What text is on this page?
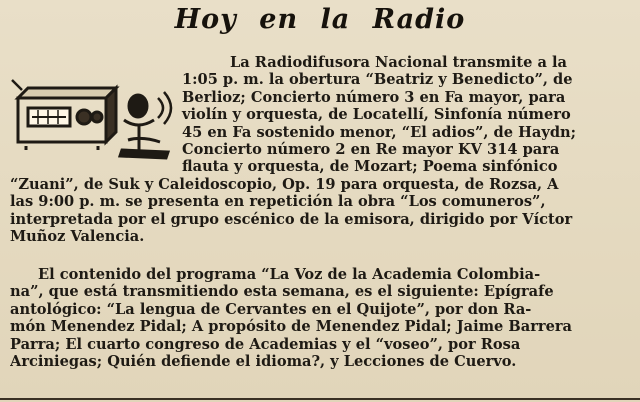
Hoy en la Radio
La Radiodifusora Nacional transmite a la
1:05 p. m. la obertura “Beatriz y Benedicto”, de
Berlioz; Concierto número 3 en Fa mayor, para
violín y orquesta, de Locatellí, Sinfonía número
45 en Fa sostenido menor, “El adios”, de Haydn;
Concierto número 2 en Re mayor KV 314 para
flauta y orquesta, de Mozart; Poema sinfónico
“Zuani”, de Suk y Caleidoscopio, Op. 19 para orquesta, de Rozsa, A
las 9:00 p. m. se presenta en repetición la obra “Los comuneros”,
interpretada por el grupo escénico de la emisora, dirigido por Víctor
Muñoz Valencia.
El contenido del programa “La Voz de la Academia Colombia-
na”, que está transmitiendo esta semana, es el siguiente: Epígrafe
antológico: “La lengua de Cervantes en el Quijote”, por don Ra-
món Menendez Pidal; A propósito de Menendez Pidal; Jaime Barrera
Parra; El cuarto congreso de Academias y el “voseo”, por Rosa
Arciniegas; Quién defiende el idioma?, y Lecciones de Cuervo.
